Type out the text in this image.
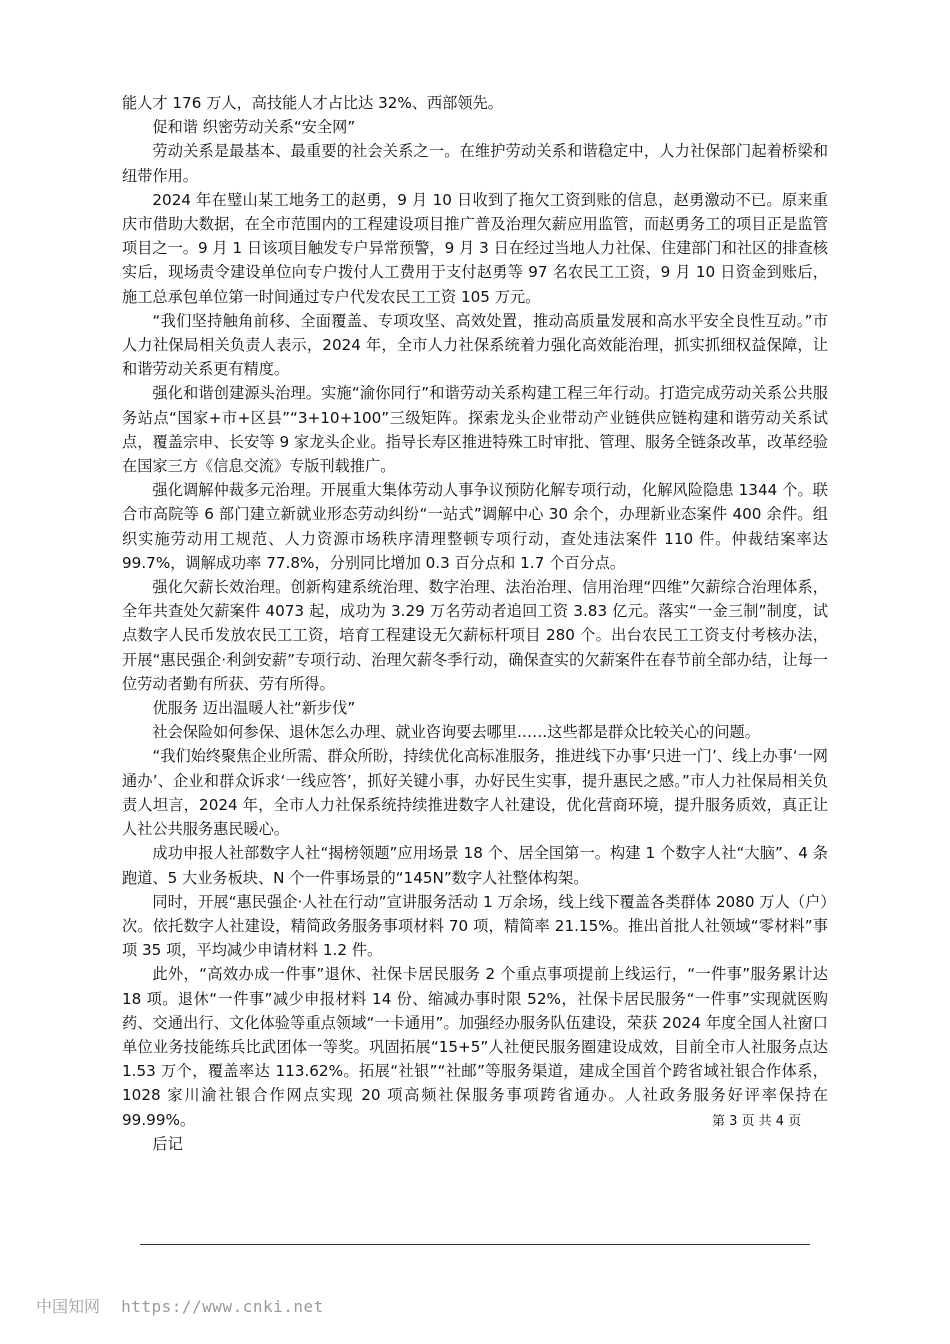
能人才 176 万人，高技能人才占比达 32%、西部领先。

促和谐 织密劳动关系“安全网”

劳动关系是最基本、最重要的社会关系之一。在维护劳动关系和谐稳定中，人力社保部门起着桥梁和纽带作用。

2024 年在璧山某工地务工的赵勇，9 月 10 日收到了拖欠工资到账的信息，赵勇激动不已。原来重庆市借助大数据，在全市范围内的工程建设项目推广普及治理欠薪应用监管，而赵勇务工的项目正是监管项目之一。9 月 1 日该项目触发专户异常预警，9 月 3 日在经过当地人力社保、住建部门和社区的排查核实后，现场责令建设单位向专户拨付人工费用于支付赵勇等 97 名农民工工资，9 月 10 日资金到账后，施工总承包单位第一时间通过专户代发农民工工资 105 万元。

“我们坚持触角前移、全面覆盖、专项攻坚、高效处置，推动高质量发展和高水平安全良性互动。”市人力社保局相关负责人表示，2024 年，全市人力社保系统着力强化高效能治理，抓实抓细权益保障，让和谐劳动关系更有精度。

强化和谐创建源头治理。实施“渝你同行”和谐劳动关系构建工程三年行动。打造完成劳动关系公共服务站点“国家+市+区县”“3+10+100”三级矩阵。探索龙头企业带动产业链供应链构建和谐劳动关系试点，覆盖宗申、长安等 9 家龙头企业。指导长寿区推进特殊工时审批、管理、服务全链条改革，改革经验在国家三方《信息交流》专版刊载推广。

强化调解仲裁多元治理。开展重大集体劳动人事争议预防化解专项行动，化解风险隐患 1344 个。联合市高院等 6 部门建立新就业形态劳动纠纷“一站式”调解中心 30 余个，办理新业态案件 400 余件。组织实施劳动用工规范、人力资源市场秩序清理整顿专项行动，查处违法案件 110 件。仲裁结案率达 99.7%，调解成功率 77.8%，分别同比增加 0.3 百分点和 1.7 个百分点。

强化欠薪长效治理。创新构建系统治理、数字治理、法治治理、信用治理“四维”欠薪综合治理体系，全年共查处欠薪案件 4073 起，成功为 3.29 万名劳动者追回工资 3.83 亿元。落实“一金三制”制度，试点数字人民币发放农民工工资，培育工程建设无欠薪标杆项目 280 个。出台农民工工资支付考核办法，开展“惠民强企·利剑安薪”专项行动、治理欠薪冬季行动，确保查实的欠薪案件在春节前全部办结，让每一位劳动者勤有所获、劳有所得。

优服务 迈出温暖人社“新步伐”

社会保险如何参保、退休怎么办理、就业咨询要去哪里……这些都是群众比较关心的问题。

“我们始终聚焦企业所需、群众所盼，持续优化高标准服务，推进线下办事‘只进一门’、线上办事‘一网通办’、企业和群众诉求‘一线应答’，抓好关键小事，办好民生实事，提升惠民之感。”市人力社保局相关负责人坦言，2024 年，全市人力社保系统持续推进数字人社建设，优化营商环境，提升服务质效，真正让人社公共服务惠民暖心。

成功申报人社部数字人社“揭榜领题”应用场景 18 个、居全国第一。构建 1 个数字人社“大脑”、4 条跑道、5 大业务板块、N 个一件事场景的“145N”数字人社整体构架。

同时，开展“惠民强企·人社在行动”宣讲服务活动 1 万余场，线上线下覆盖各类群体 2080 万人（户）次。依托数字人社建设，精简政务服务事项材料 70 项，精简率 21.15%。推出首批人社领域“零材料”事项 35 项，平均减少申请材料 1.2 件。

此外，“高效办成一件事”退休、社保卡居民服务 2 个重点事项提前上线运行，“一件事”服务累计达 18 项。退休“一件事”减少申报材料 14 份、缩减办事时限 52%，社保卡居民服务“一件事”实现就医购药、交通出行、文化体验等重点领域“一卡通用”。加强经办服务队伍建设，荣获 2024 年度全国人社窗口单位业务技能练兵比武团体一等奖。巩固拓展“15+5”人社便民服务圈建设成效，目前全市人社服务点达 1.53 万个，覆盖率达 113.62%。拓展“社银”“社邮”等服务渠道，建成全国首个跨省域社银合作体系，1028 家川渝社银合作网点实现 20 项高频社保服务事项跨省通办。人社政务服务好评率保持在 99.99%。

后记

第 3 页 共 4 页
中国知网 https://www.cnki.net
